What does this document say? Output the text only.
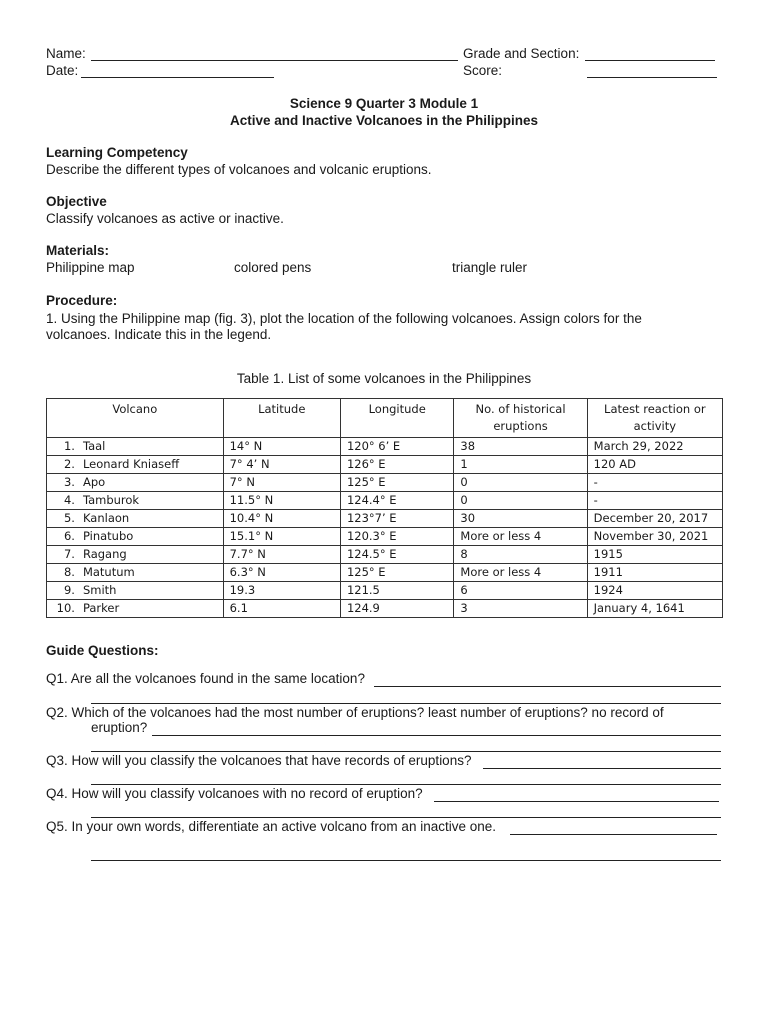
Name:	Grade and Section:
Date:	Score:
Science 9 Quarter 3 Module 1
Active and Inactive Volcanoes in the Philippines
Learning Competency
Describe the different types of volcanoes and volcanic eruptions.
Objective
Classify volcanoes as active or inactive.
Materials:
Philippine map	colored pens	triangle ruler
Procedure:
1. Using the Philippine map (fig. 3), plot the location of the following volcanoes. Assign colors for the
volcanoes. Indicate this in the legend.
Table 1. List of some volcanoes in the Philippines
Volcano		Latitude	Longitude	No. of historical eruptions	Latest reaction or activity
1.	Taal	14° N	120° 6’ E	38	March 29, 2022
2.	Leonard Kniaseff	7° 4’ N	126° E	1	120 AD
3.	Apo	7° N	125° E	0	-
4.	Tamburok	11.5° N	124.4° E	0	-
5.	Kanlaon	10.4° N	123°7’ E	30	December 20, 2017
6.	Pinatubo	15.1° N	120.3° E	More or less 4	November 30, 2021
7.	Ragang	7.7° N	124.5° E	8	1915
8.	Matutum	6.3° N	125° E	More or less 4	1911
9.	Smith	19.3	121.5	6	1924
10.	Parker	6.1	124.9	3	January 4, 1641
Guide Questions:
Q1. Are all the volcanoes found in the same location?
Q2. Which of the volcanoes had the most number of eruptions? least number of eruptions? no record of
eruption?
Q3. How will you classify the volcanoes that have records of eruptions?
Q4. How will you classify volcanoes with no record of eruption?
Q5. In your own words, differentiate an active volcano from an inactive one.
